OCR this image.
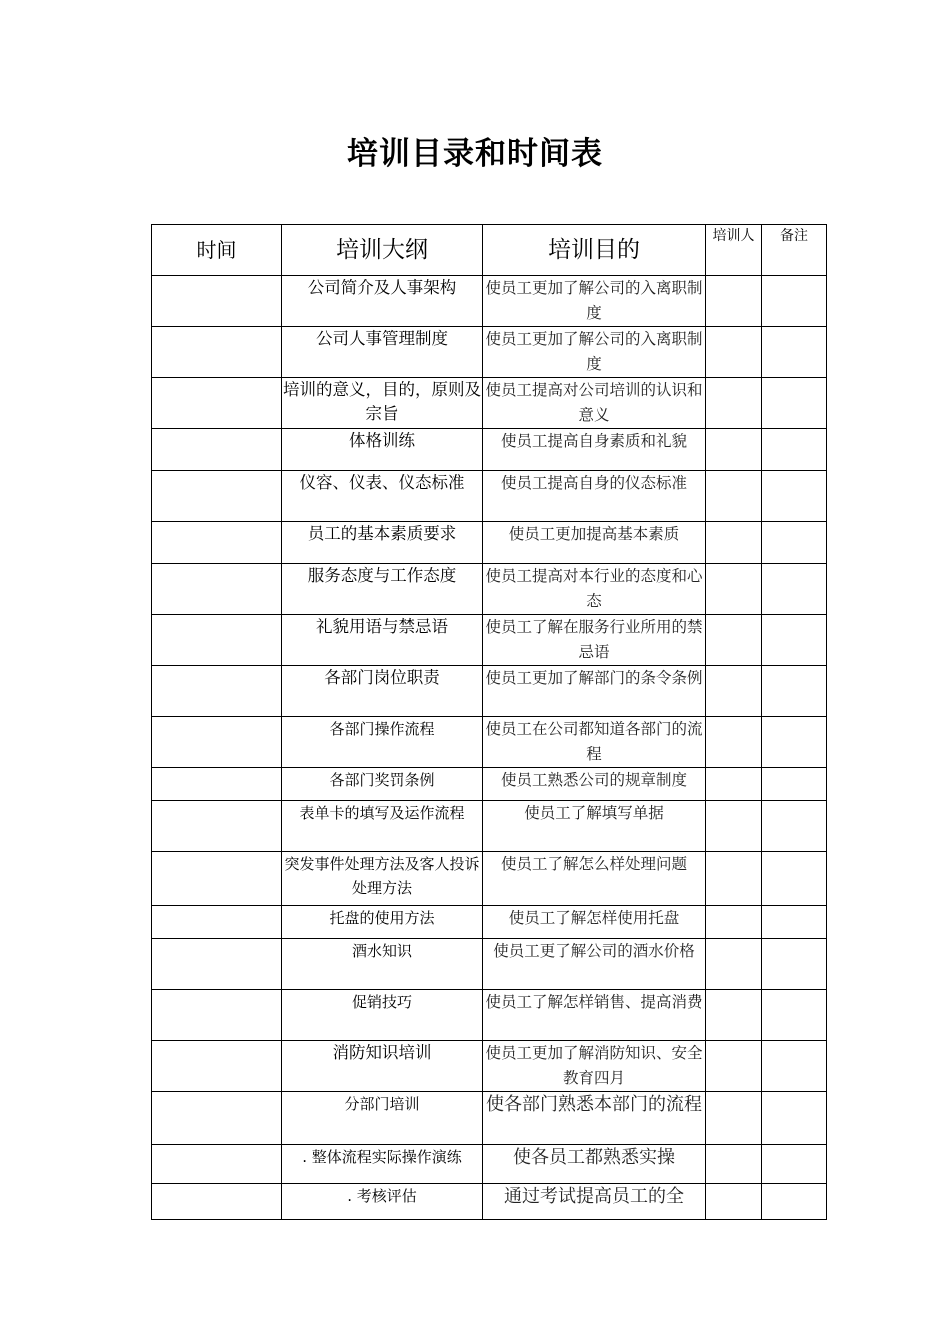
培训目录和时间表
时间	培训大纲	培训目的	培训人	备注
	公司简介及人事架构	使员工更加了解公司的入离职制度		
	公司人事管理制度	使员工更加了解公司的入离职制度		
	培训的意义，目的，原则及宗旨	使员工提高对公司培训的认识和意义		
	体格训练	使员工提高自身素质和礼貌		
	仪容、仪表、仪态标准	使员工提高自身的仪态标准		
	员工的基本素质要求	使员工更加提高基本素质		
	服务态度与工作态度	使员工提高对本行业的态度和心态		
	礼貌用语与禁忌语	使员工了解在服务行业所用的禁忌语		
	各部门岗位职责	使员工更加了解部门的条令条例		
	各部门操作流程	使员工在公司都知道各部门的流程		
	各部门奖罚条例	使员工熟悉公司的规章制度		
	表单卡的填写及运作流程	使员工了解填写单据		
	突发事件处理方法及客人投诉处理方法	使员工了解怎么样处理问题		
	托盘的使用方法	使员工了解怎样使用托盘		
	酒水知识	使员工更了解公司的酒水价格		
	促销技巧	使员工了解怎样销售、提高消费		
	消防知识培训	使员工更加了解消防知识、安全教育四月		
	分部门培训	使各部门熟悉本部门的流程		
	. 整体流程实际操作演练	使各员工都熟悉实操		
	. 考核评估	通过考试提高员工的全		
